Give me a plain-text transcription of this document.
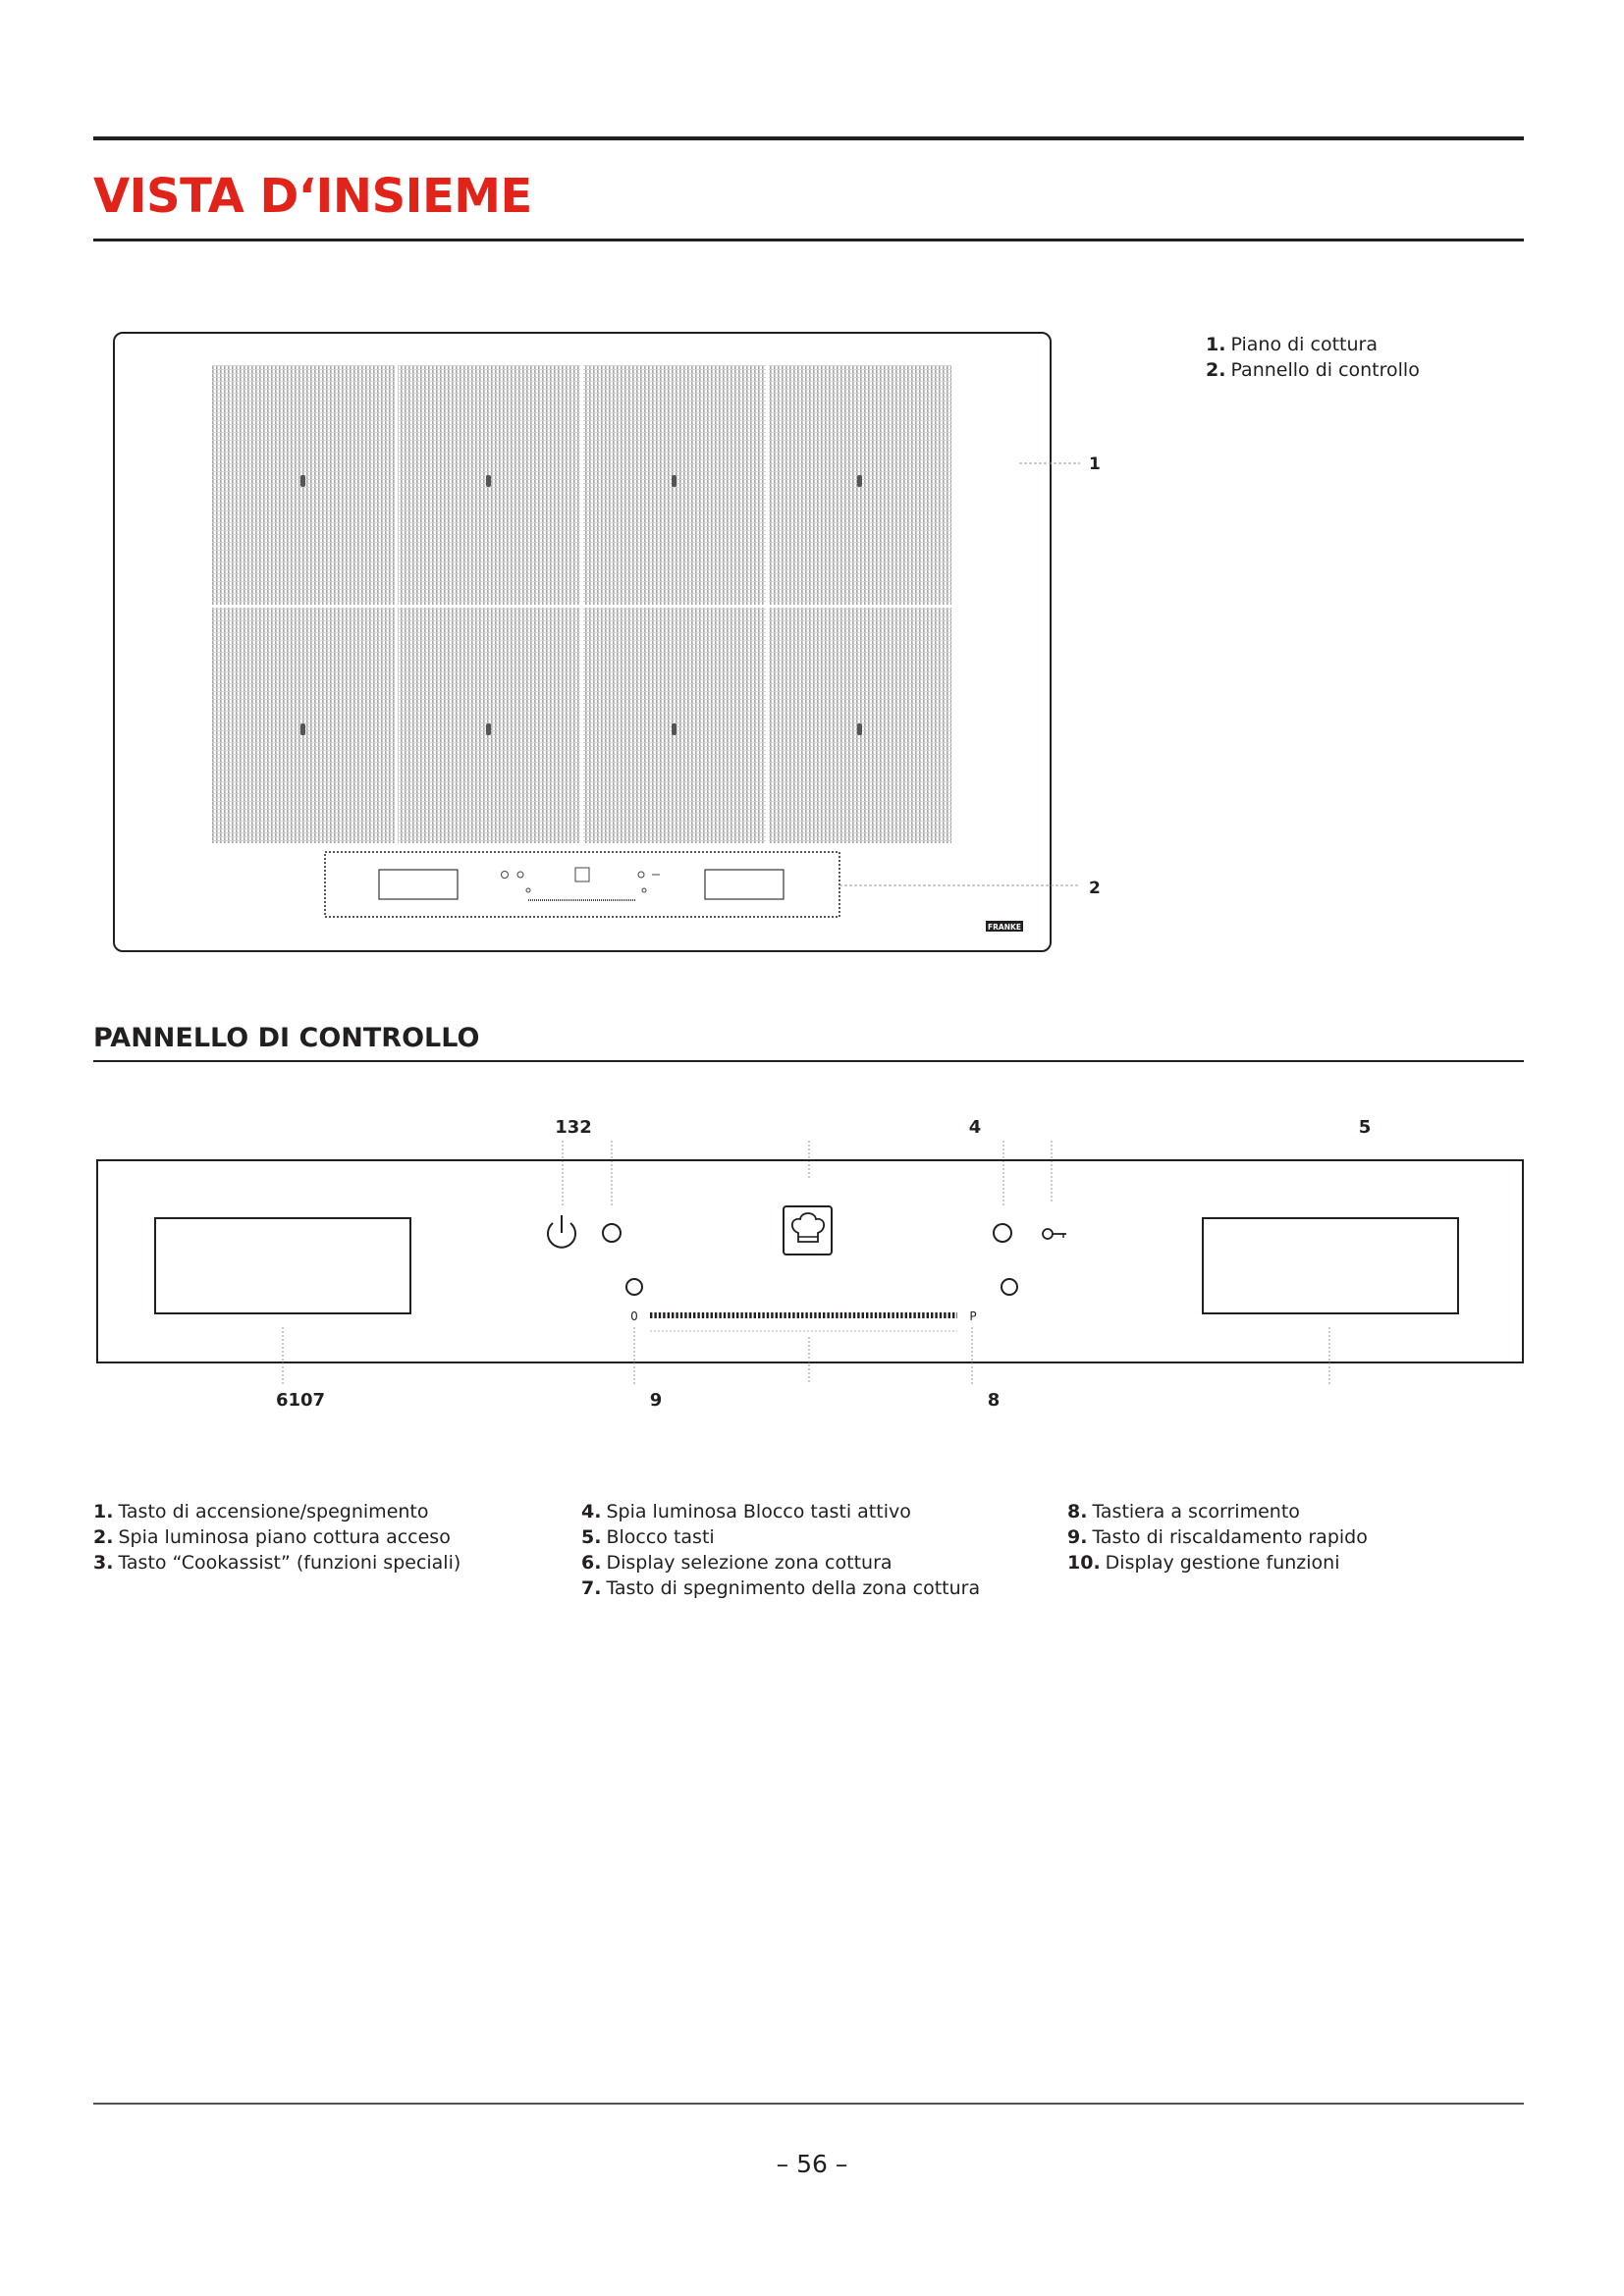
VISTA D‘INSIEME
1. Piano di cottura
2. Pannello di controllo
FRANKE
1
2
PANNELLO DI CONTROLLO
132	4	5
0	P
6107	9	8
1. Tasto di accensione/spegnimento
2. Spia luminosa piano cottura acceso
3. Tasto “Cookassist” (funzioni speciali)
4. Spia luminosa Blocco tasti attivo
5. Blocco tasti
6. Display selezione zona cottura
7. Tasto di spegnimento della zona cottura
8. Tastiera a scorrimento
9. Tasto di riscaldamento rapido
10. Display gestione funzioni

– 56 –
